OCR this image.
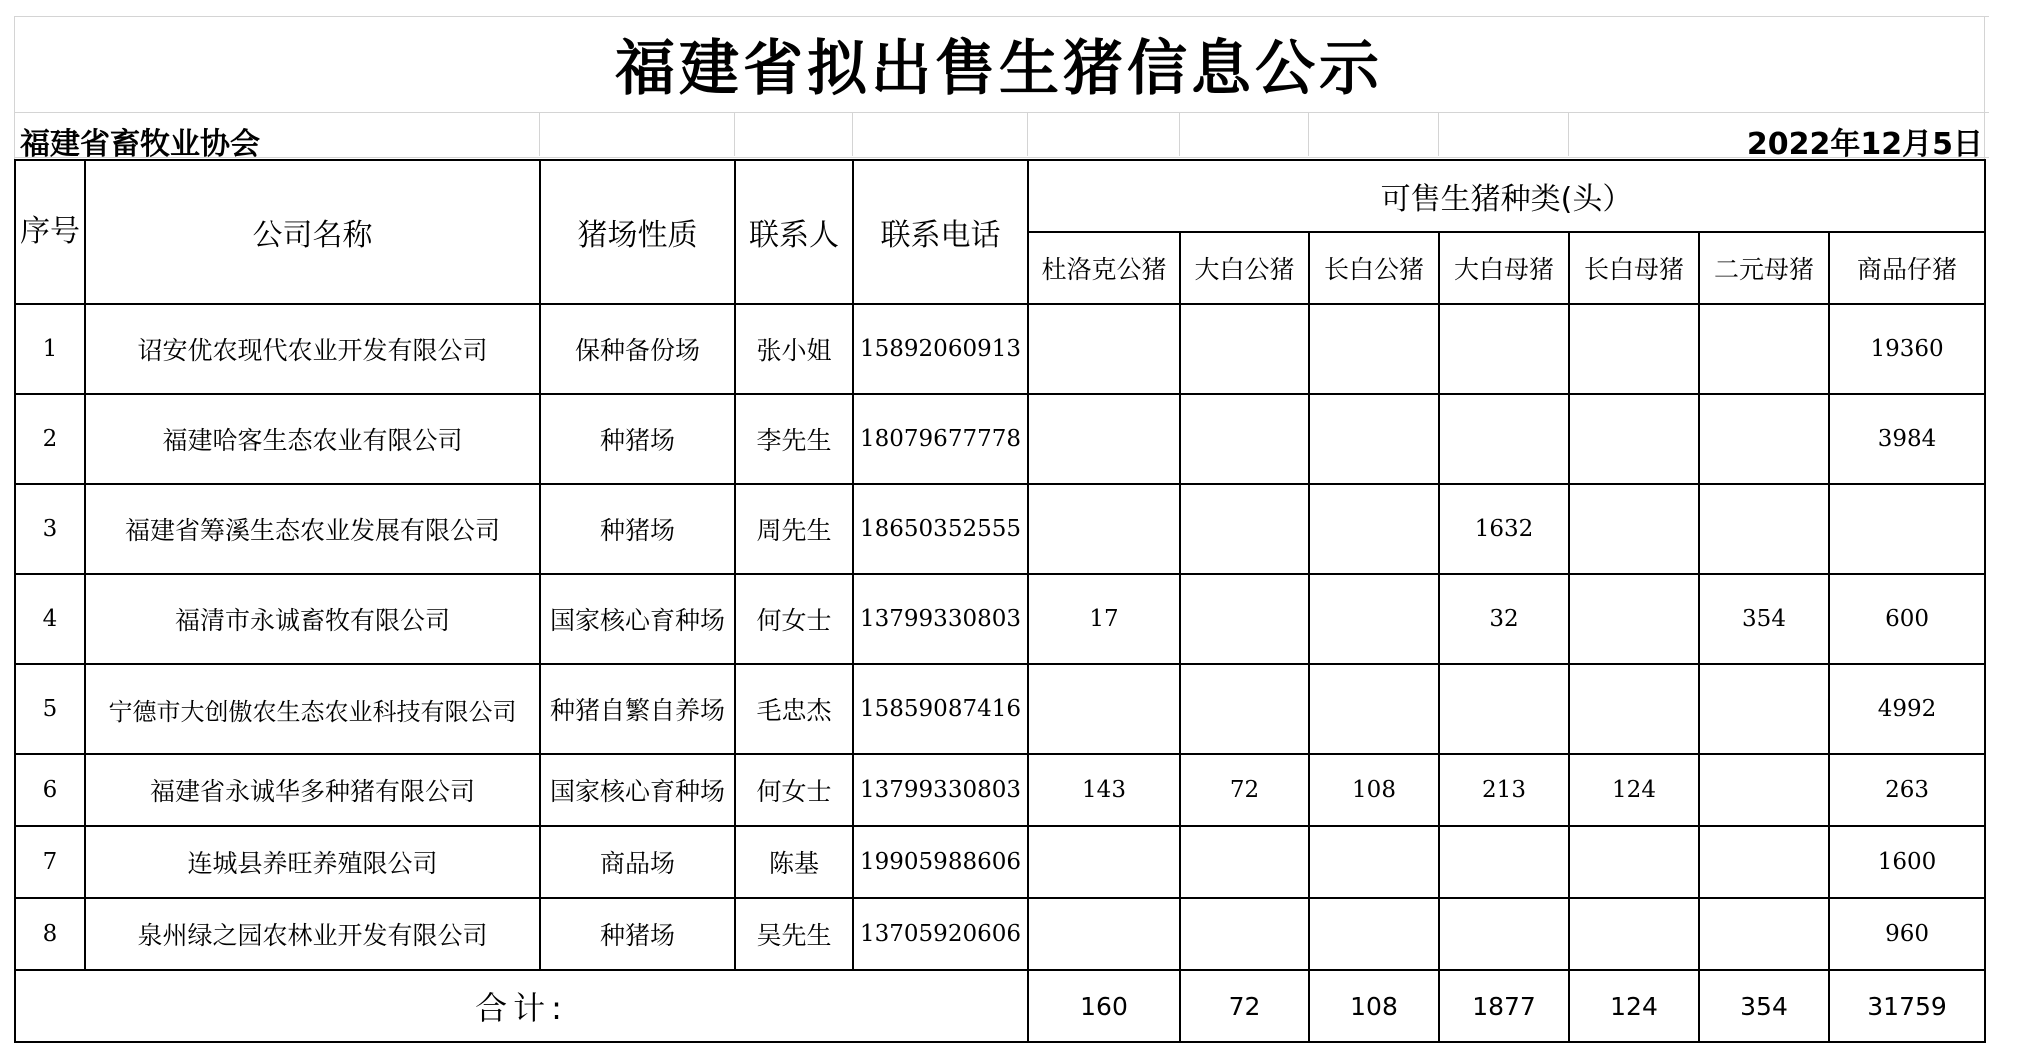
福建省拟出售生猪信息公示
福建省畜牧业协会	2022年12月5日
序号	公司名称	猪场性质	联系人	联系电话	可售生猪种类(头）						
					杜洛克公猪	大白公猪	长白公猪	大白母猪	长白母猪	二元母猪	商品仔猪
1	诏安优农现代农业开发有限公司	保种备份场	张小姐	15892060913							19360
2	福建哈客生态农业有限公司	种猪场	李先生	18079677778							3984
3	福建省筹溪生态农业发展有限公司	种猪场	周先生	18650352555				1632			
4	福清市永诚畜牧有限公司	国家核心育种场	何女士	13799330803	17			32		354	600
5	宁德市大创傲农生态农业科技有限公司	种猪自繁自养场	毛忠杰	15859087416							4992
6	福建省永诚华多种猪有限公司	国家核心育种场	何女士	13799330803	143	72	108	213	124		263
7	连城县养旺养殖限公司	商品场	陈基	19905988606							1600
8	泉州绿之园农林业开发有限公司	种猪场	吴先生	13705920606							960
合计:					160	72	108	1877	124	354	31759
